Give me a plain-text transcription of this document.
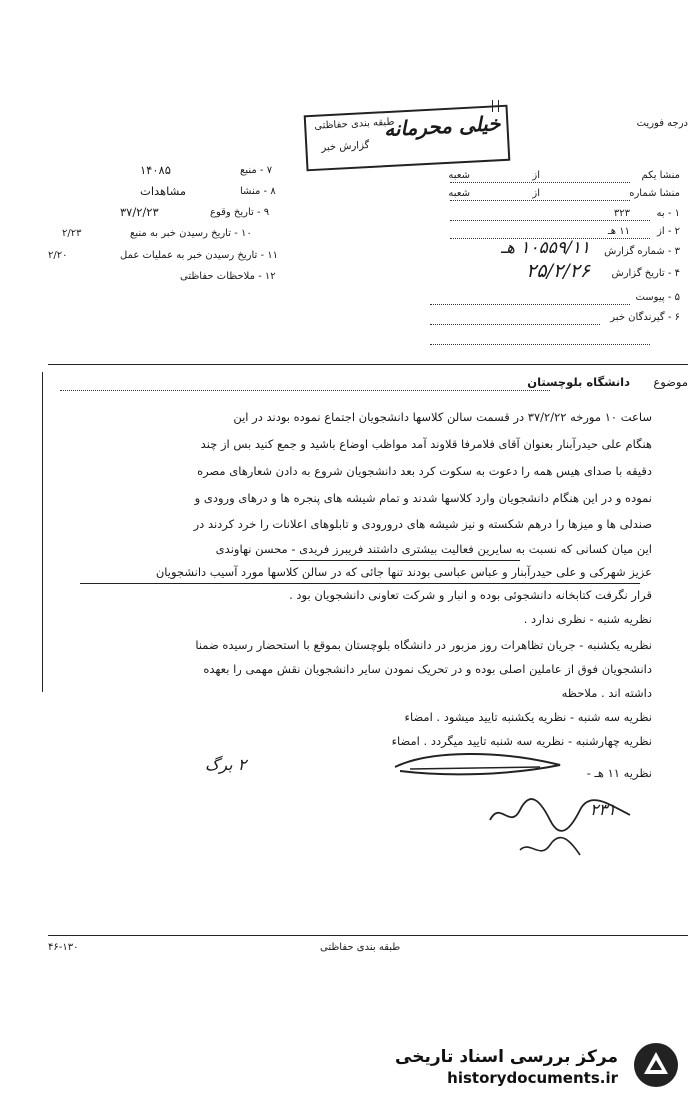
درجه فوریت
خیلی محرمانه
طبقه بندی حفاظتی
گزارش خبر
منشا یکم
از
شعبه
منشا شماره
از
شعبه
۱ - به
۳۲۳
۲ - از
۱۱ هـ
۳ - شماره گزارش
۱۰۵۵۹/۱۱ هـ
۴ - تاریخ گزارش
۲۵/۲/۲۶
۵ - پیوست
۶ - گیرندگان خبر
۷ - منبع
۱۴۰۸۵
۸ - منشا
مشاهدات
۹ - تاریخ وقوع
۳۷/۲/۲۳
۱۰ - تاریخ رسیدن خبر به منبع
۲/۲۳
۱۱ - تاریخ رسیدن خبر به عملیات عمل
۲/۲۰
۱۲ - ملاحظات حفاظتی
موضوع
دانشگاه بلوچستان
ساعت ۱۰ مورخه ۳۷/۲/۲۲ در قسمت سالن کلاسها دانشجویان اجتماع نموده بودند در این
هنگام علی حیدرآبنار بعنوان آقای فلامرفا قلاوند آمد مواظب اوضاع باشید و جمع کنید بس از چند
دقیقه با صدای هیس همه را دعوت به سکوت کرد بعد دانشجویان شروع به دادن شعارهای مصره
نموده و در این هنگام دانشجویان وارد کلاسها شدند و تمام شیشه های پنجره ها و درهای ورودی و
صندلی ها و میزها را درهم شکسته و نیز شیشه های درورودی و تابلوهای اعلانات را خرد کردند در
این میان کسانی که نسبت به سایرین فعالیت بیشتری داشتند فریبرز فریدی - محسن نهاوندی
عزیز شهرکی و علی حیدرآبنار و عباس عباسی بودند تنها جائی که در سالن کلاسها مورد آسیب دانشجویان
قرار نگرفت کتابخانه دانشجوئی بوده و انبار و شرکت تعاونی دانشجویان بود .
نظریه شنبه - نظری ندارد .
نظریه یکشنبه - جریان تظاهرات روز مزبور در دانشگاه بلوچستان بموقع با استحضار رسیده ضمنا
دانشجویان فوق از عاملین اصلی بوده و در تحریک نمودن سایر دانشجویان نقش مهمی را بعهده
داشته اند . ملاحظه
نظریه سه شنبه - نظریه یکشنبه تایید میشود . امضاء
نظریه چهارشنبه - نظریه سه شنبه تایید میگردد . امضاء
نظریه ۱۱ هـ -
۲ برگ
۲۳۱
طبقه بندی حفاظتی
۴۶-۱۳۰
مرکز بررسی اسناد تاریخی
historydocuments.ir
